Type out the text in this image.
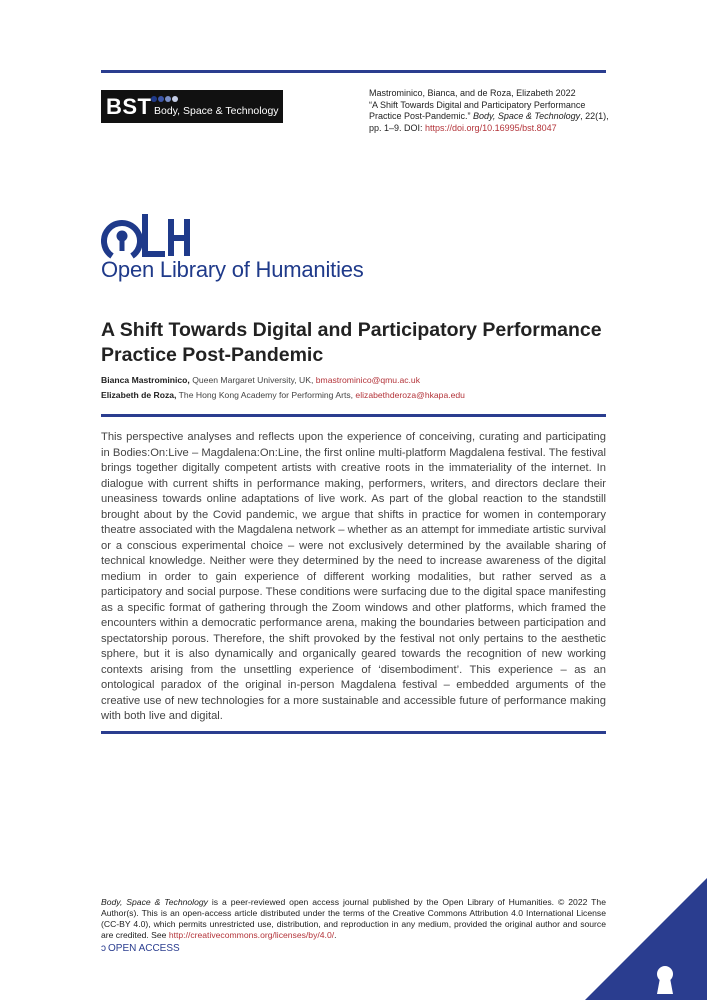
BST Body, Space & Technology
Mastrominico, Bianca, and de Roza, Elizabeth 2022
“A Shift Towards Digital and Participatory Performance
Practice Post-Pandemic.” Body, Space & Technology, 22(1),
pp. 1–9. DOI: https://doi.org/10.16995/bst.8047
Open Library of Humanities
A Shift Towards Digital and Participatory Performance Practice Post-Pandemic
Bianca Mastrominico, Queen Margaret University, UK, bmastrominico@qmu.ac.uk
Elizabeth de Roza, The Hong Kong Academy for Performing Arts, elizabethderoza@hkapa.edu

This perspective analyses and reflects upon the experience of conceiving, curating and participating in Bodies:On:Live – Magdalena:On:Line, the first online multi-platform Magdalena festival. The festival brings together digitally competent artists with creative roots in the immateriality of the internet. In dialogue with current shifts in performance making, performers, writers, and directors declare their uneasiness towards online adaptations of live work. As part of the global reaction to the standstill brought about by the Covid pandemic, we argue that shifts in practice for women in contemporary theatre associated with the Magdalena network – whether as an attempt for immediate artistic survival or a conscious experimental choice – were not exclusively determined by the available sharing of technical knowledge. Neither were they determined by the need to increase awareness of the digital medium in order to gain experience of different working modalities, but rather served as a participatory and social purpose. These conditions were surfacing due to the digital space manifesting as a specific format of gathering through the Zoom windows and other platforms, which framed the encounters within a democratic performance arena, making the boundaries between participation and spectatorship porous. Therefore, the shift provoked by the festival not only pertains to the aesthetic sphere, but it is also dynamically and organically geared towards the recognition of new working contexts arising from the unsettling experience of ‘disembodiment’. This experience – as an ontological paradox of the original in-person Magdalena festival – embedded arguments of the creative use of new technologies for a more sustainable and accessible future of performance making with both live and digital.

Body, Space & Technology is a peer-reviewed open access journal published by the Open Library of Humanities. © 2022 The Author(s). This is an open-access article distributed under the terms of the Creative Commons Attribution 4.0 International License (CC-BY 4.0), which permits unrestricted use, distribution, and reproduction in any medium, provided the original author and source are credited. See http://creativecommons.org/licenses/by/4.0/.

ɔ OPEN ACCESS
